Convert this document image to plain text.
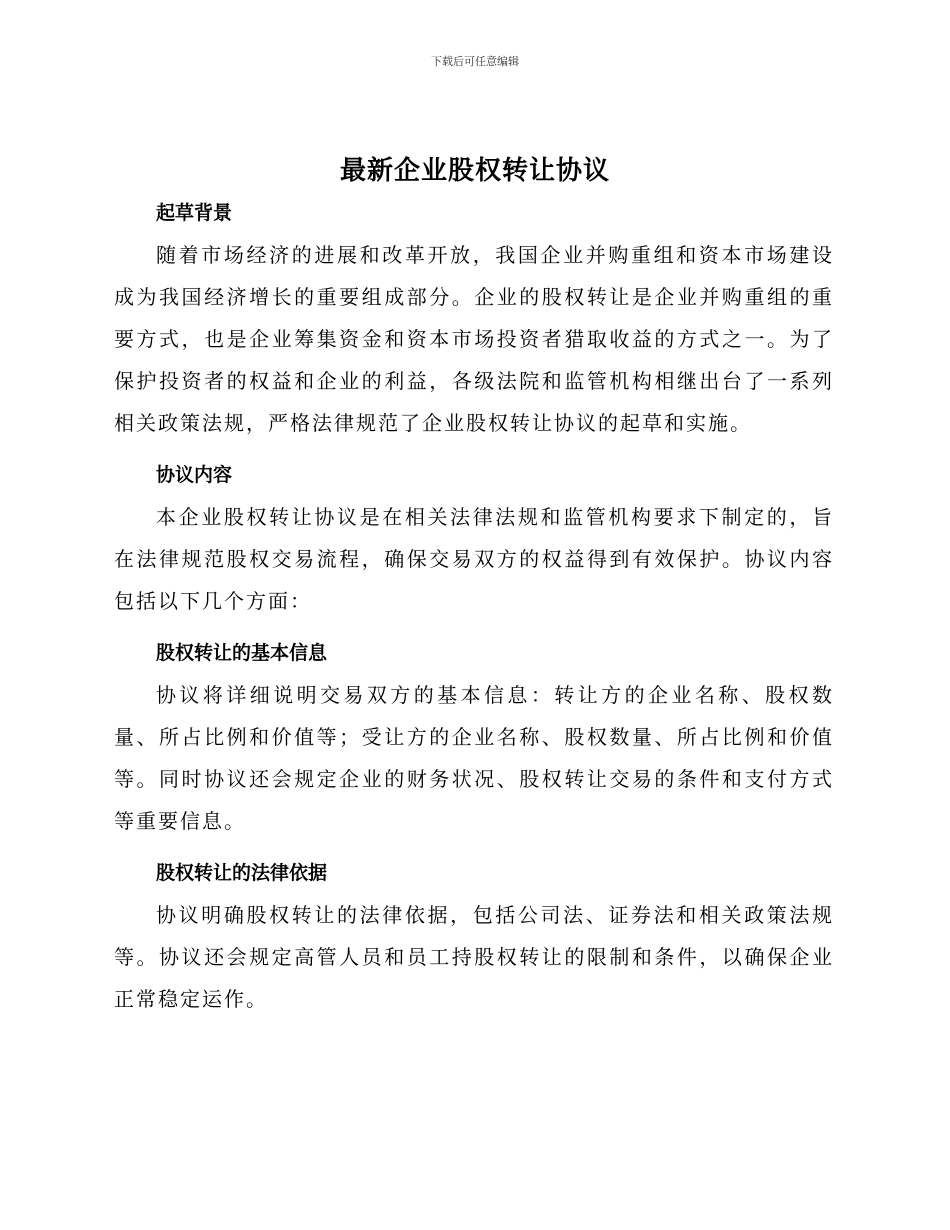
下载后可任意编辑
最新企业股权转让协议
起草背景

随着市场经济的进展和改革开放，我国企业并购重组和资本市场建设成为我国经济增长的重要组成部分。企业的股权转让是企业并购重组的重要方式，也是企业筹集资金和资本市场投资者猎取收益的方式之一。为了保护投资者的权益和企业的利益，各级法院和监管机构相继出台了一系列相关政策法规，严格法律规范了企业股权转让协议的起草和实施。

协议内容

本企业股权转让协议是在相关法律法规和监管机构要求下制定的，旨在法律规范股权交易流程，确保交易双方的权益得到有效保护。协议内容包括以下几个方面：

股权转让的基本信息

协议将详细说明交易双方的基本信息：转让方的企业名称、股权数量、所占比例和价值等；受让方的企业名称、股权数量、所占比例和价值等。同时协议还会规定企业的财务状况、股权转让交易的条件和支付方式等重要信息。

股权转让的法律依据

协议明确股权转让的法律依据，包括公司法、证券法和相关政策法规等。协议还会规定高管人员和员工持股权转让的限制和条件，以确保企业正常稳定运作。
